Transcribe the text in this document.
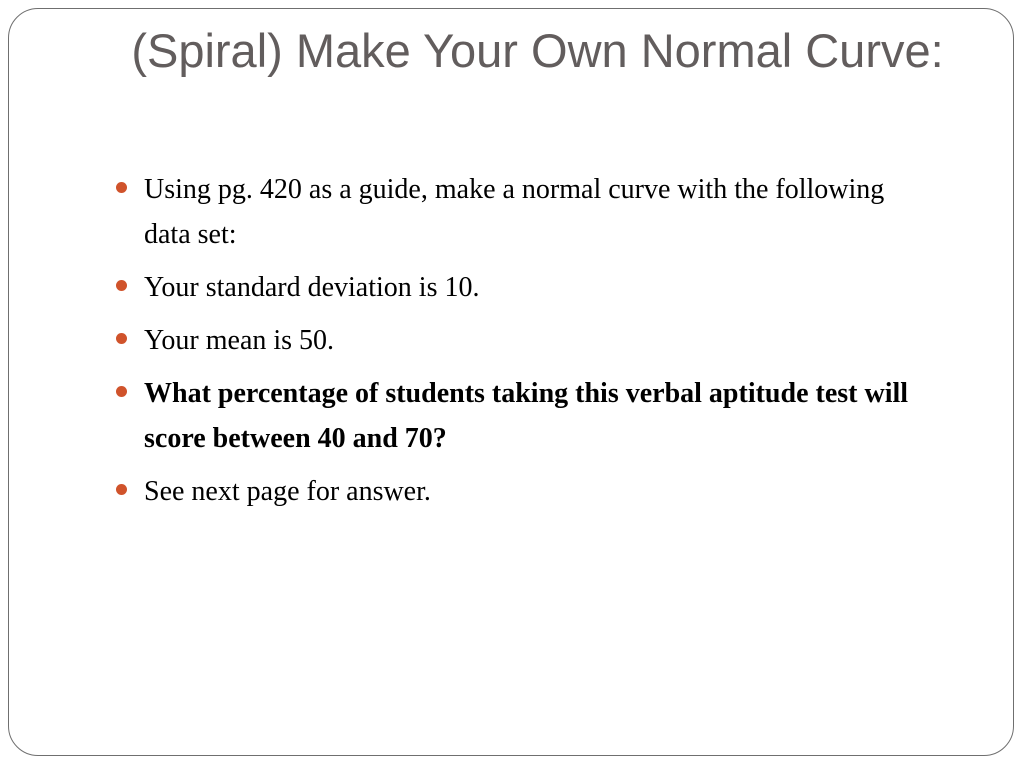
(Spiral) Make Your Own Normal Curve:
Using pg. 420 as a guide, make a normal curve with the following data set:
Your standard deviation is 10.
Your mean is 50.
What percentage of students taking this verbal aptitude test will score between 40 and 70?
See next page for answer.
